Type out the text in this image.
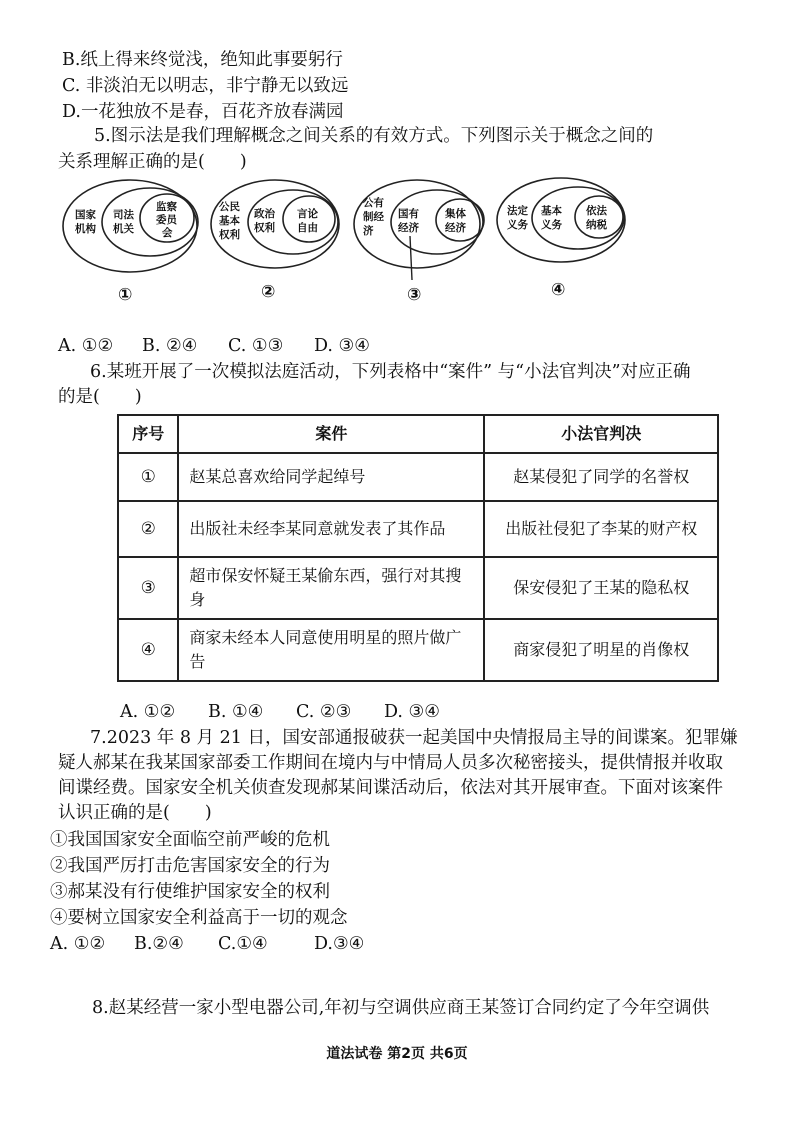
B.纸上得来终觉浅，绝知此事要躬行
C. 非淡泊无以明志，非宁静无以致远
D.一花独放不是春，百花齐放春满园
5.图示法是我们理解概念之间关系的有效方式。下列图示关于概念之间的
关系理解正确的是(　　)
国家机构
司法机关
监察委员会
①
公民基本权利
政治权利
言论自由
②
公有制经济
国有经济
集体经济
③
法定义务
基本义务
依法纳税
④
A. ①② B. ②④ C. ①③ D. ③④
6.某班开展了一次模拟法庭活动，下列表格中“案件” 与“小法官判决”对应正确
的是(　　)
序号	案件	小法官判决
①	赵某总喜欢给同学起绰号	赵某侵犯了同学的名誉权
②	出版社未经李某同意就发表了其作品	出版社侵犯了李某的财产权
③	超市保安怀疑王某偷东西，强行对其搜身	保安侵犯了王某的隐私权
④	商家未经本人同意使用明星的照片做广告	商家侵犯了明星的肖像权
A. ①② B. ①④ C. ②③ D. ③④
7.2023 年 8 月 21 日，国安部通报破获一起美国中央情报局主导的间谍案。犯罪嫌
疑人郝某在我某国家部委工作期间在境内与中情局人员多次秘密接头，提供情报并收取
间谍经费。国家安全机关侦查发现郝某间谍活动后，依法对其开展审查。下面对该案件
认识正确的是(　　)
①我国国家安全面临空前严峻的危机
②我国严厉打击危害国家安全的行为
③郝某没有行使维护国家安全的权利
④要树立国家安全利益高于一切的观念
A. ①② B.②④ C.①④	D.③④
8.赵某经营一家小型电器公司,年初与空调供应商王某签订合同约定了今年空调供
道法试卷 第2页 共6页
